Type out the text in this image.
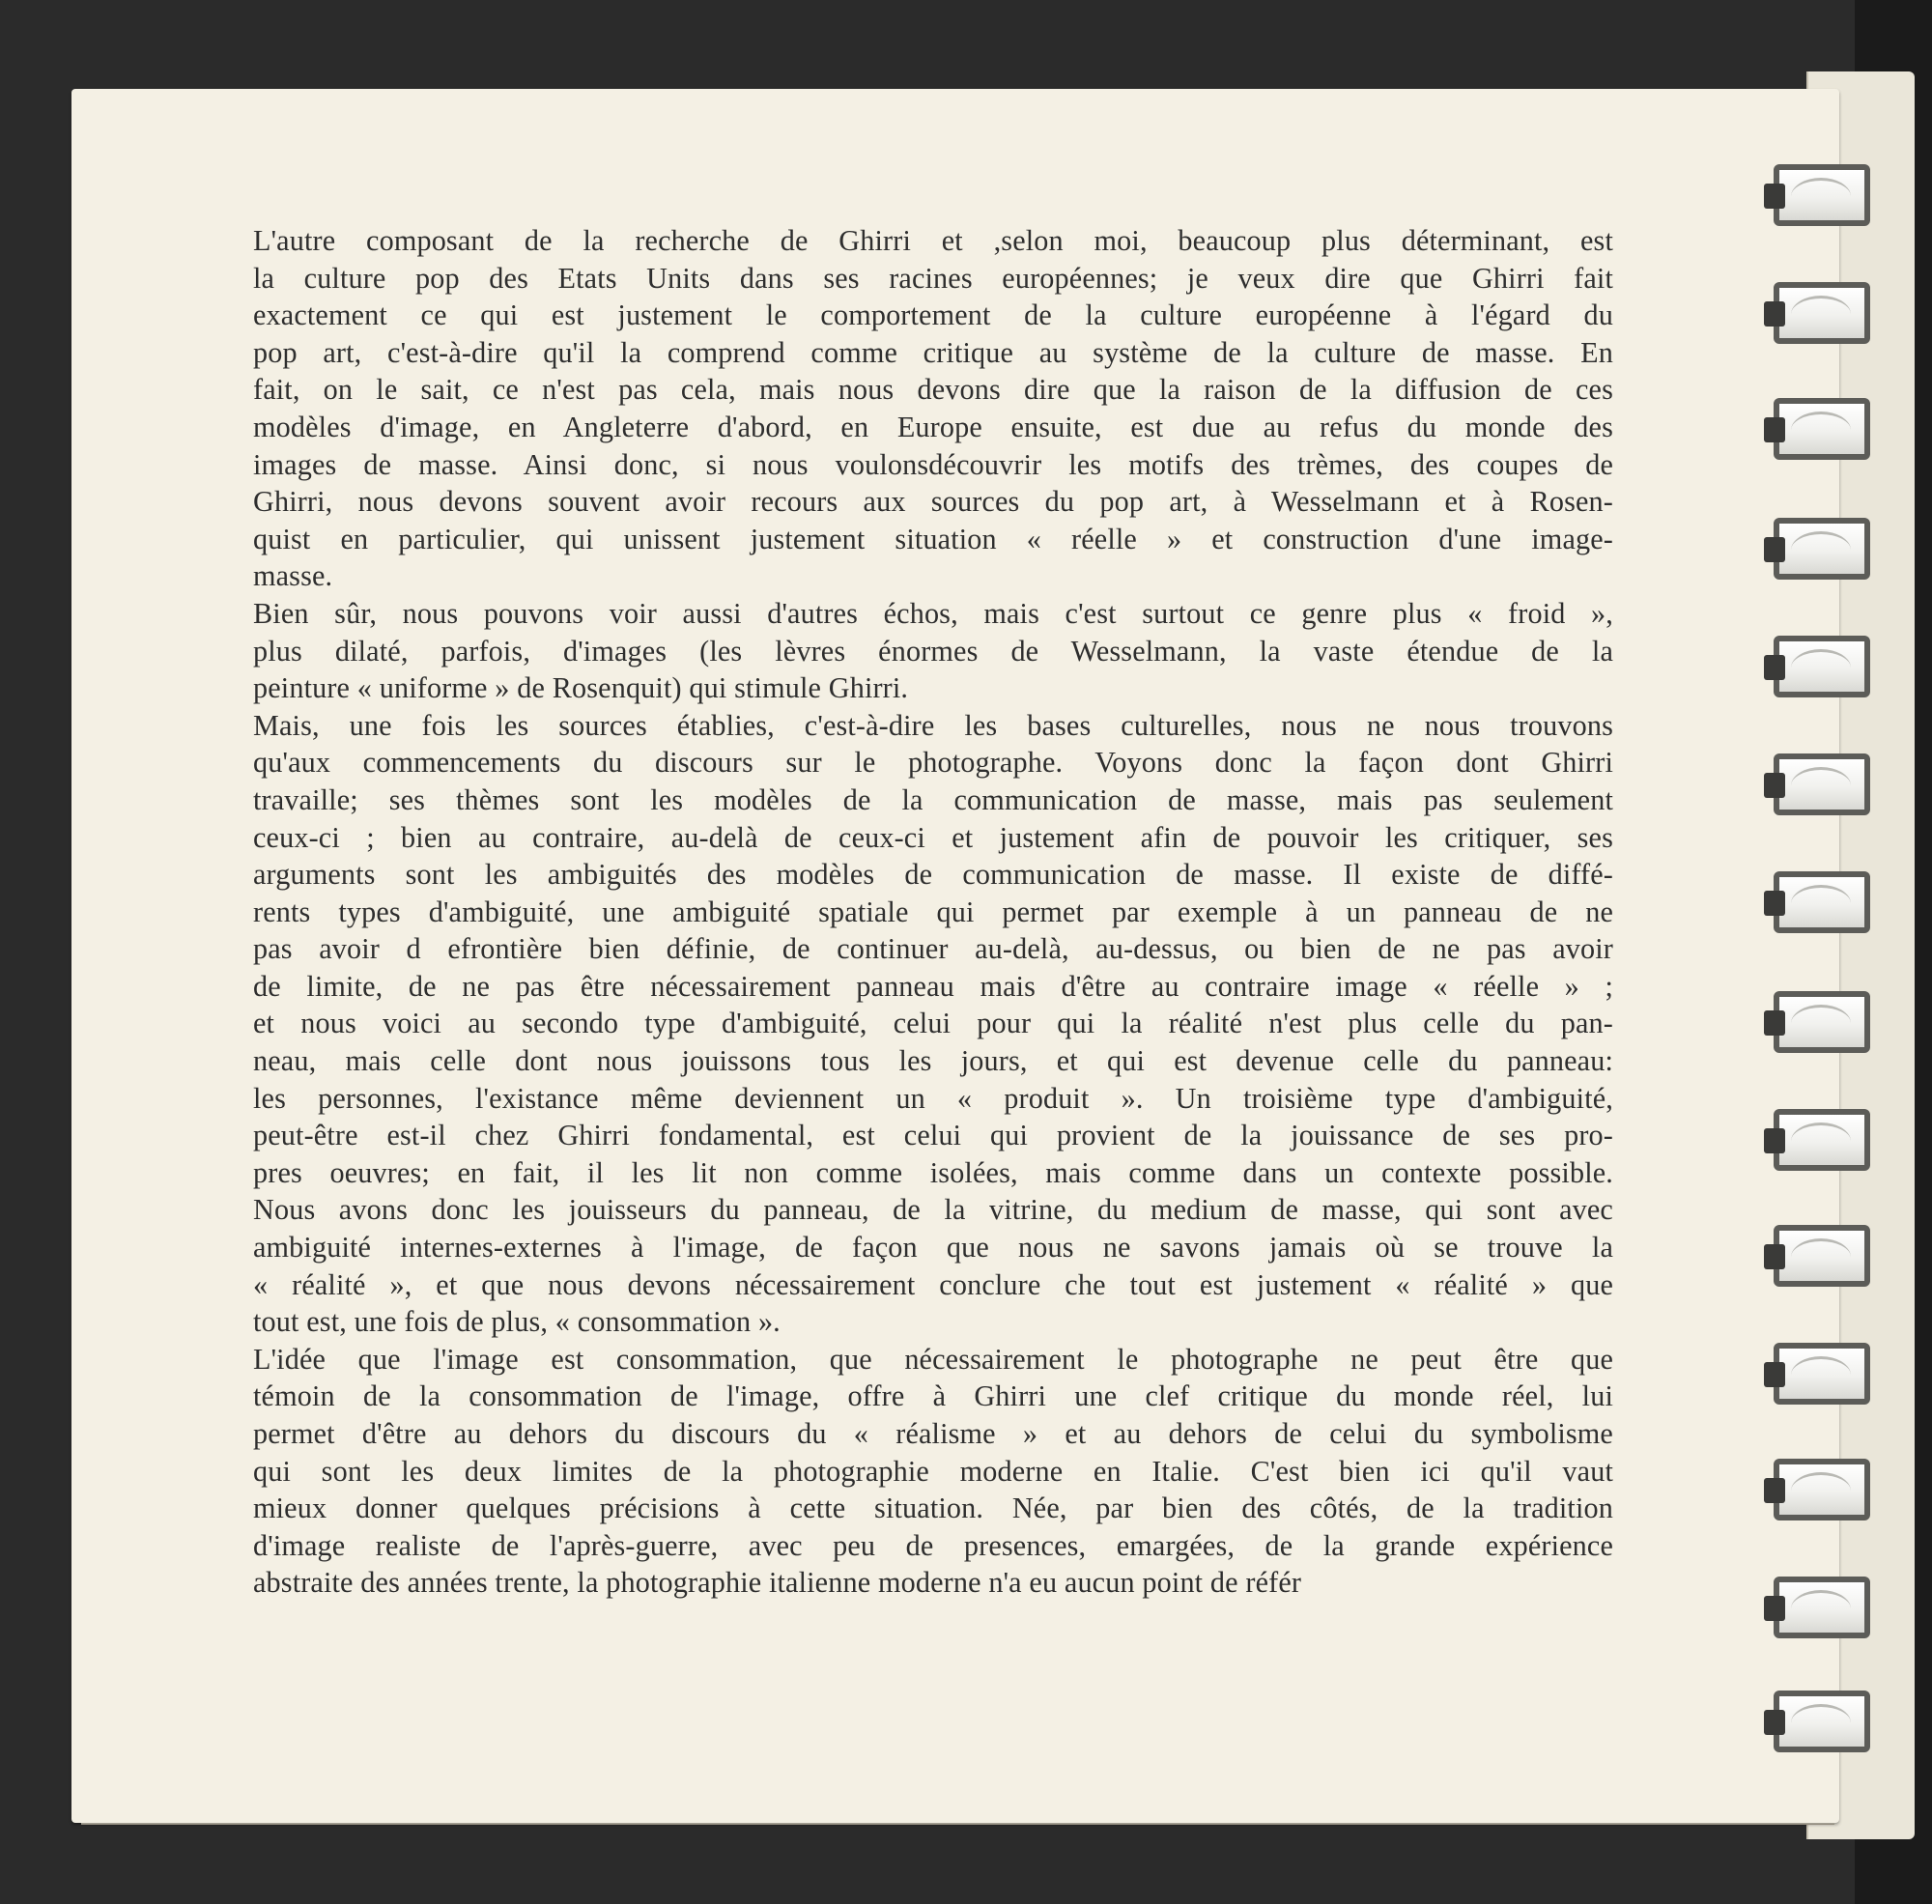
L'autre composant de la recherche de Ghirri et ,selon moi, beaucoup plus déterminant, est
la culture pop des Etats Units dans ses racines européennes; je veux dire que Ghirri fait
exactement ce qui est justement le comportement de la culture européenne à l'égard du
pop art, c'est-à-dire qu'il la comprend comme critique au système de la culture de masse. En
fait, on le sait, ce n'est pas cela, mais nous devons dire que la raison de la diffusion de ces
modèles d'image, en Angleterre d'abord, en Europe ensuite, est due au refus du monde des
images de masse. Ainsi donc, si nous voulonsdécouvrir les motifs des trèmes, des coupes de
Ghirri, nous devons souvent avoir recours aux sources du pop art, à Wesselmann et à Rosen-
quist en particulier, qui unissent justement situation « réelle » et construction d'une image-
masse.
Bien sûr, nous pouvons voir aussi d'autres échos, mais c'est surtout ce genre plus « froid »,
plus dilaté, parfois, d'images (les lèvres énormes de Wesselmann, la vaste étendue de la
peinture « uniforme » de Rosenquit) qui stimule Ghirri.
Mais, une fois les sources établies, c'est-à-dire les bases culturelles, nous ne nous trouvons
qu'aux commencements du discours sur le photographe. Voyons donc la façon dont Ghirri
travaille; ses thèmes sont les modèles de la communication de masse, mais pas seulement
ceux-ci ; bien au contraire, au-delà de ceux-ci et justement afin de pouvoir les critiquer, ses
arguments sont les ambiguités des modèles de communication de masse. Il existe de diffé-
rents types d'ambiguité, une ambiguité spatiale qui permet par exemple à un panneau de ne
pas avoir d efrontière bien définie, de continuer au-delà, au-dessus, ou bien de ne pas avoir
de limite, de ne pas être nécessairement panneau mais d'être au contraire image « réelle » ;
et nous voici au secondo type d'ambiguité, celui pour qui la réalité n'est plus celle du pan-
neau, mais celle dont nous jouissons tous les jours, et qui est devenue celle du panneau:
les personnes, l'existance même deviennent un « produit ». Un troisième type d'ambiguité,
peut-être est-il chez Ghirri fondamental, est celui qui provient de la jouissance de ses pro-
pres oeuvres; en fait, il les lit non comme isolées, mais comme dans un contexte possible.
Nous avons donc les jouisseurs du panneau, de la vitrine, du medium de masse, qui sont avec
ambiguité internes-externes à l'image, de façon que nous ne savons jamais où se trouve la
« réalité », et que nous devons nécessairement conclure che tout est justement « réalité » que
tout est, une fois de plus, « consommation ».
L'idée que l'image est consommation, que nécessairement le photographe ne peut être que
témoin de la consommation de l'image, offre à Ghirri une clef critique du monde réel, lui
permet d'être au dehors du discours du « réalisme » et au dehors de celui du symbolisme
qui sont les deux limites de la photographie moderne en Italie. C'est bien ici qu'il vaut
mieux donner quelques précisions à cette situation. Née, par bien des côtés, de la tradition
d'image realiste de l'après-guerre, avec peu de presences, emargées, de la grande expérience
abstraite des années trente, la photographie italienne moderne n'a eu aucun point de référ
